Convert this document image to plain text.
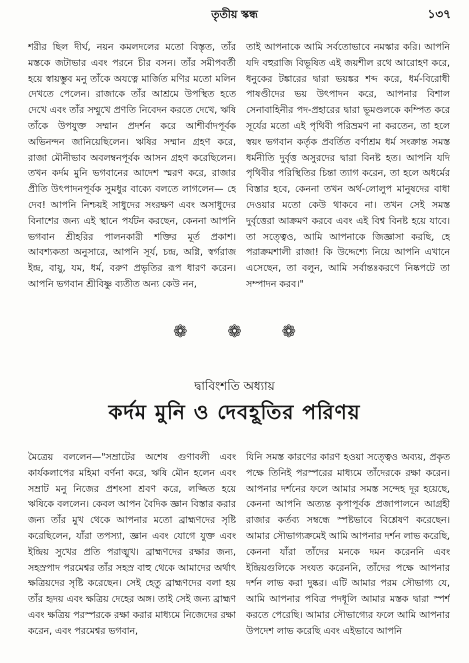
তৃতীয় স্কন্ধ	১৩৭

শরীর ছিল দীর্ঘ, নয়ন কমলদলের মতো বিস্তৃত, তাঁর মস্তকে জটাভার এবং পরনে চীর বসন। তাঁর সমীপবর্তী হয়ে স্বায়ম্ভুব মনু তাঁকে অযত্নে মার্জিত মণির মতো মলিন দেখতে পেলেন। রাজাকে তাঁর আশ্রমে উপস্থিত হতে দেখে এবং তাঁর সম্মুখে প্রণতি নিবেদন করতে দেখে, ঋষি তাঁকে উপযুক্ত সম্মান প্রদর্শন করে আশীর্বাদপূর্বক অভিনন্দন জানিয়েছিলেন। ঋষির সম্মান গ্রহণ করে, রাজা মৌনীভাব অবলম্বনপূর্বক আসন গ্রহণ করেছিলেন। তখন কর্দম মুনি ভগবানের আদেশ স্মরণ করে, রাজার প্রীতি উৎপাদনপূর্বক সুমধুর বাক্যে বলতে লাগলেন— হে দেব! আপনি নিশ্চয়ই সাধুদের সংরক্ষণ এবং অসাধুদের বিনাশের জন্য এই স্থানে পর্যটন করছেন, কেননা আপনি ভগবান শ্রীহরির পালনকারী শক্তির মূর্ত প্রকাশ। আবশ্যকতা অনুসারে, আপনি সূর্য, চন্দ্র, অগ্নি, স্বর্গরাজ ইন্দ্র, বায়ু, যম, ধর্ম, বরুণ প্রভৃতির রূপ ধারণ করেন। আপনি ভগবান শ্রীবিষ্ণু ব্যতীত অন্য কেউ নন,

তাই আপনাকে আমি সর্বতোভাবে নমস্কার করি। আপনি যদি বহুরাজি বিভূষিত এই জয়শীল রথে আরোহণ করে, ধনুকের টঙ্কারের দ্বারা ভয়ঙ্কর শব্দ করে, ধর্ম-বিরোধী পাষণ্ডীদের ভয় উৎপাদন করে, আপনার বিশাল সেনাবাহিনীর পদ-প্রহারের দ্বারা ভূমণ্ডলকে কম্পিত করে সূর্যের মতো এই পৃথিবী পরিভ্রমণ না করতেন, তা হলে স্বয়ং ভগবান কর্তৃক প্রবর্তিত বর্ণাশ্রম ধর্ম সংক্রান্ত সমস্ত ধর্মনীতি দুর্বৃত্ত অসুরদের দ্বারা বিনষ্ট হত। আপনি যদি পৃথিবীর পরিস্থিতির চিন্তা ত্যাগ করেন, তা হলে অধর্মের বিস্তার হবে, কেননা তখন অর্থ-লোলুপ মানুষদের বাধা দেওয়ার মতো কেউ থাকবে না। তখন সেই সমস্ত দুর্বৃত্তেরা আক্রমণ করবে এবং এই বিশ্ব বিনষ্ট হয়ে যাবে। তা সত্ত্বেও, আমি আপনাকে জিজ্ঞাসা করছি, হে পরাক্রমশালী রাজা! কি উদ্দেশ্যে নিয়ে আপনি এখানে এসেছেন, তা বলুন, আমি সর্বান্তঃকরণে নিষ্কপটে তা সম্পাদন করব।"

❁ ❁ ❁
দ্বাবিংশতি অধ্যায়
কর্দম মুনি ও দেবহূতির পরিণয়

মৈত্রেয় বললেন—"সম্রাটের অশেষ গুণাবলী এবং কার্যকলাপের মহিমা বর্ণনা করে, ঋষি মৌন হলেন এবং সম্রাট মনু নিজের প্রশংসা শ্রবণ করে, লজ্জিত হয়ে ঋষিকে বললেন। কেবল আপন বৈদিক জ্ঞান বিস্তার করার জন্য তাঁর মুখ থেকে আপনার মতো ব্রাহ্মণদের সৃষ্টি করেছিলেন, যাঁরা তপস্যা, জ্ঞান এবং যোগে যুক্ত এবং ইন্দ্রিয় সুখের প্রতি পরাঙ্মুখ। ব্রাহ্মণদের রক্ষার জন্য, সহস্রপাদ পরমেশ্বর তাঁর সহস্র বাহু থেকে আমাদের অর্থাৎ ক্ষত্রিয়দের সৃষ্টি করেছেন। সেই হেতু ব্রাহ্মণদের বলা হয় তাঁর হৃদয় এবং ক্ষত্রিয় দেহের অঙ্গ। তাই সেই জন্য ব্রাহ্মণ এবং ক্ষত্রিয় পরস্পরকে রক্ষা করার মাধ্যমে নিজেদের রক্ষা করেন, এবং পরমেশ্বর ভগবান,

যিনি সমস্ত কারণের কারণ হওয়া সত্ত্বেও অব্যয়, প্রকৃত পক্ষে তিনিই পরস্পরের মাধ্যমে তাঁদেরকে রক্ষা করেন। আপনার দর্শনের ফলে আমার সমস্ত সন্দেহ দূর হয়েছে, কেননা আপনি অত্যন্ত কৃপাপূর্বক প্রজাপালনে আগ্রহী রাজার কর্তব্য সম্বন্ধে স্পষ্টভাবে বিশ্লেষণ করেছেন। আমার সৌভাগ্যক্রমেই আমি আপনার দর্শন লাভ করেছি, কেননা যাঁরা তাঁদের মনকে দমন করেননি এবং ইন্দ্রিয়গুলিকে সংযত করেননি, তাঁদের পক্ষে আপনার দর্শন লাভ করা দুষ্কর। এটি আমার পরম সৌভাগ্য যে, আমি আপনার পবিত্র পদধূলি আমার মস্তক দ্বারা স্পর্শ করতে পেরেছি। আমার সৌভাগ্যের ফলে আমি আপনার উপদেশ লাভ করেছি এবং এইভাবে আপনি
